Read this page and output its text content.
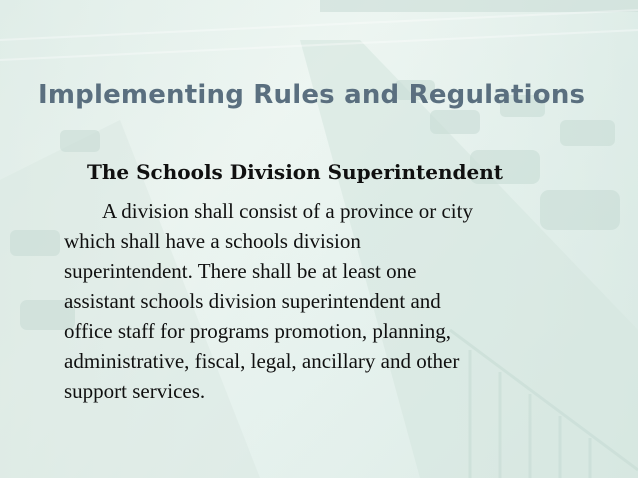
Implementing Rules and Regulations
The Schools Division Superintendent

A division shall consist of a province or city
which shall have a schools division
superintendent. There shall be at least one
assistant schools division superintendent and
office staff for programs promotion, planning,
administrative, fiscal, legal, ancillary and other
support services.
